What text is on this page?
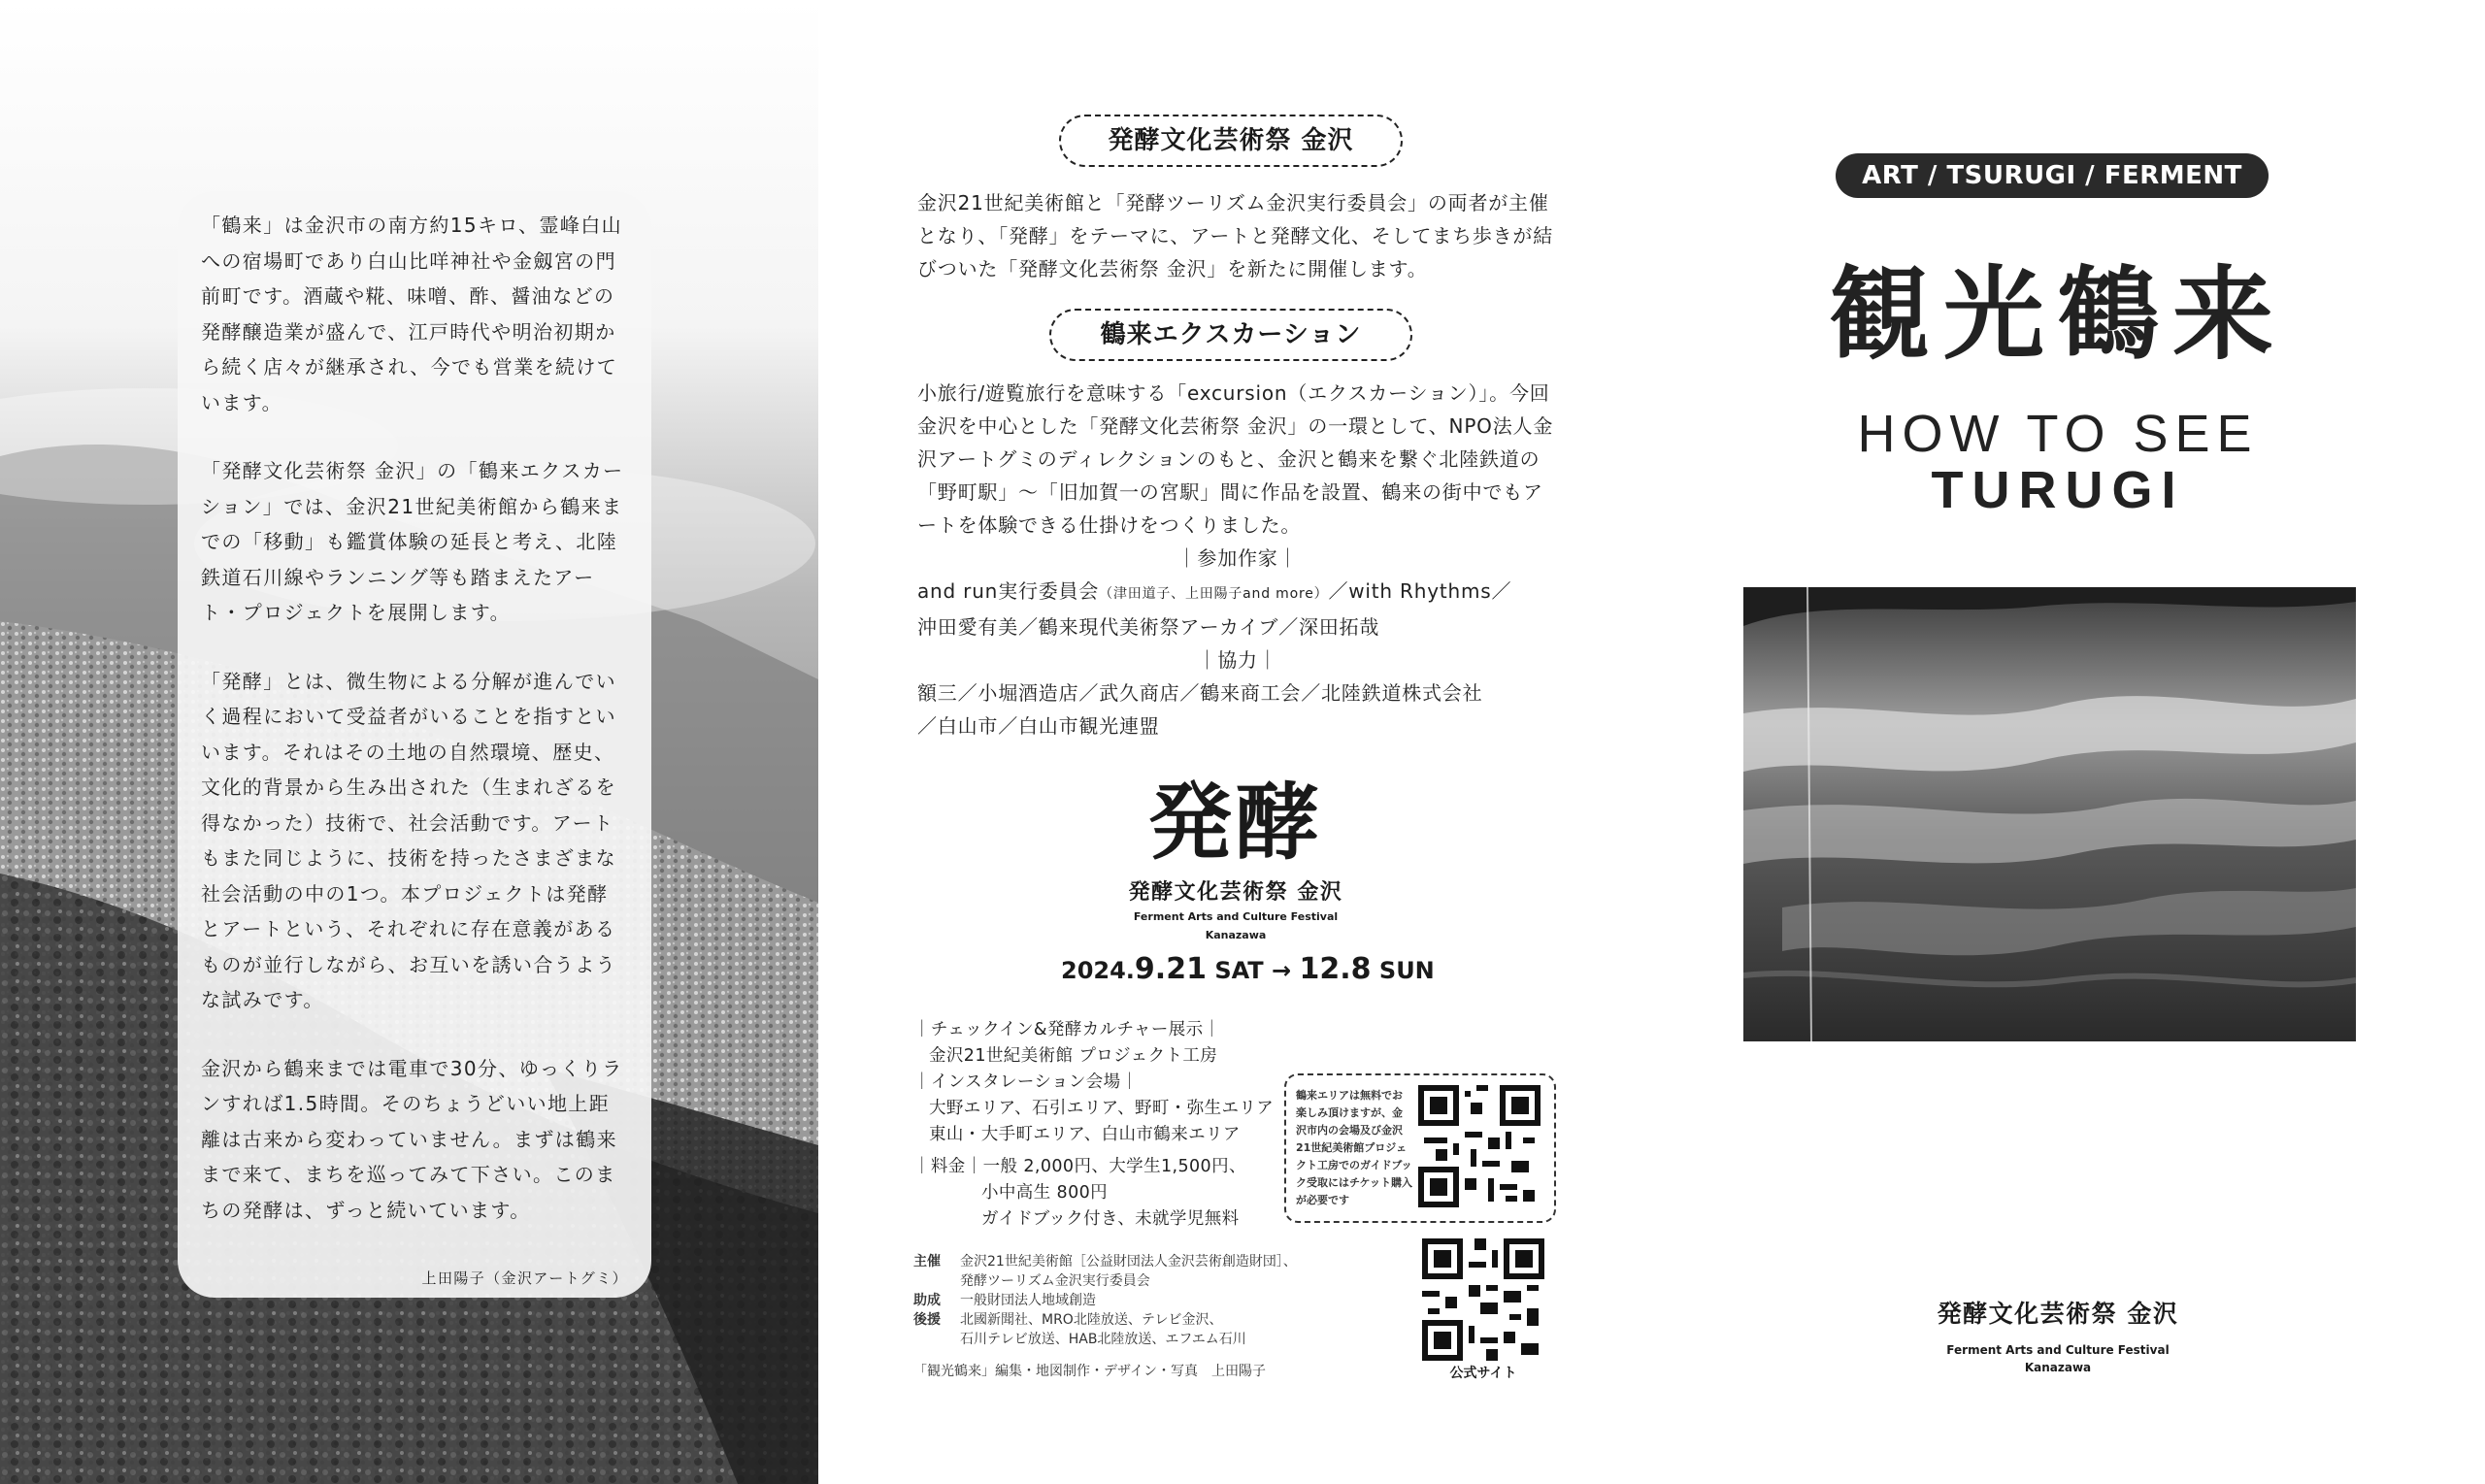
「鶴来」は金沢市の南方約15キロ、霊峰白山への宿場町であり白山比咩神社や金劔宮の門前町です。酒蔵や糀、味噌、酢、醤油などの発酵醸造業が盛んで、江戸時代や明治初期から続く店々が継承され、今でも営業を続けています。

「発酵文化芸術祭 金沢」の「鶴来エクスカーション」では、金沢21世紀美術館から鶴来までの「移動」も鑑賞体験の延長と考え、北陸鉄道石川線やランニング等も踏まえたアート・プロジェクトを展開します。

「発酵」とは、微生物による分解が進んでいく過程において受益者がいることを指すといいます。それはその土地の自然環境、歴史、文化的背景から生み出された（生まれざるを得なかった）技術で、社会活動です。アートもまた同じように、技術を持ったさまざまな社会活動の中の1つ。本プロジェクトは発酵とアートという、それぞれに存在意義があるものが並行しながら、お互いを誘い合うような試みです。

金沢から鶴来までは電車で30分、ゆっくりランすれば1.5時間。そのちょうどいい地上距離は古来から変わっていません。まずは鶴来まで来て、まちを巡ってみて下さい。このまちの発酵は、ずっと続いています。

上田陽子（金沢アートグミ）

発酵文化芸術祭 金沢
金沢21世紀美術館と「発酵ツーリズム金沢実行委員会」の両者が主催となり、「発酵」をテーマに、アートと発酵文化、そしてまち歩きが結びついた「発酵文化芸術祭 金沢」を新たに開催します。
鶴来エクスカーション
小旅行/遊覧旅行を意味する「excursion（エクスカーション）」。今回金沢を中心とした「発酵文化芸術祭 金沢」の一環として、NPO法人金沢アートグミのディレクションのもと、金沢と鶴来を繋ぐ北陸鉄道の「野町駅」〜「旧加賀一の宮駅」間に作品を設置、鶴来の街中でもアートを体験できる仕掛けをつくりました。
｜参加作家｜
and run実行委員会（津田道子、上田陽子and more）／with Rhythms／
沖田愛有美／鶴来現代美術祭アーカイブ／深田拓哉
｜協力｜
額三／小堀酒造店／武久商店／鶴来商工会／北陸鉄道株式会社
／白山市／白山市観光連盟
発酵
発酵文化芸術祭 金沢
Ferment Arts and Culture Festival
Kanazawa
2024.9.21 SAT → 12.8 SUN
｜チェックイン&発酵カルチャー展示｜
金沢21世紀美術館 プロジェクト工房
｜インスタレーション会場｜
大野エリア、石引エリア、野町・弥生エリア
東山・大手町エリア、白山市鶴来エリア
｜料金｜一般 2,000円、大学生1,500円、
小中高生 800円
ガイドブック付き、未就学児無料
鶴来エリアは無料でお楽しみ頂けますが、金沢市内の会場及び金沢21世紀美術館プロジェクト工房でのガイドブック受取にはチケット購入が必要です
公式サイト
主催	金沢21世紀美術館［公益財団法人金沢芸術創造財団］、
発酵ツーリズム金沢実行委員会
助成	一般財団法人地域創造
後援	北國新聞社、MRO北陸放送、テレビ金沢、
石川テレビ放送、HAB北陸放送、エフエム石川
「観光鶴来」編集・地図制作・デザイン・写真　上田陽子
ART / TSURUGI / FERMENT
観光鶴来
HOW TO SEE
TURUGI
発酵文化芸術祭 金沢
Ferment Arts and Culture Festival
Kanazawa
